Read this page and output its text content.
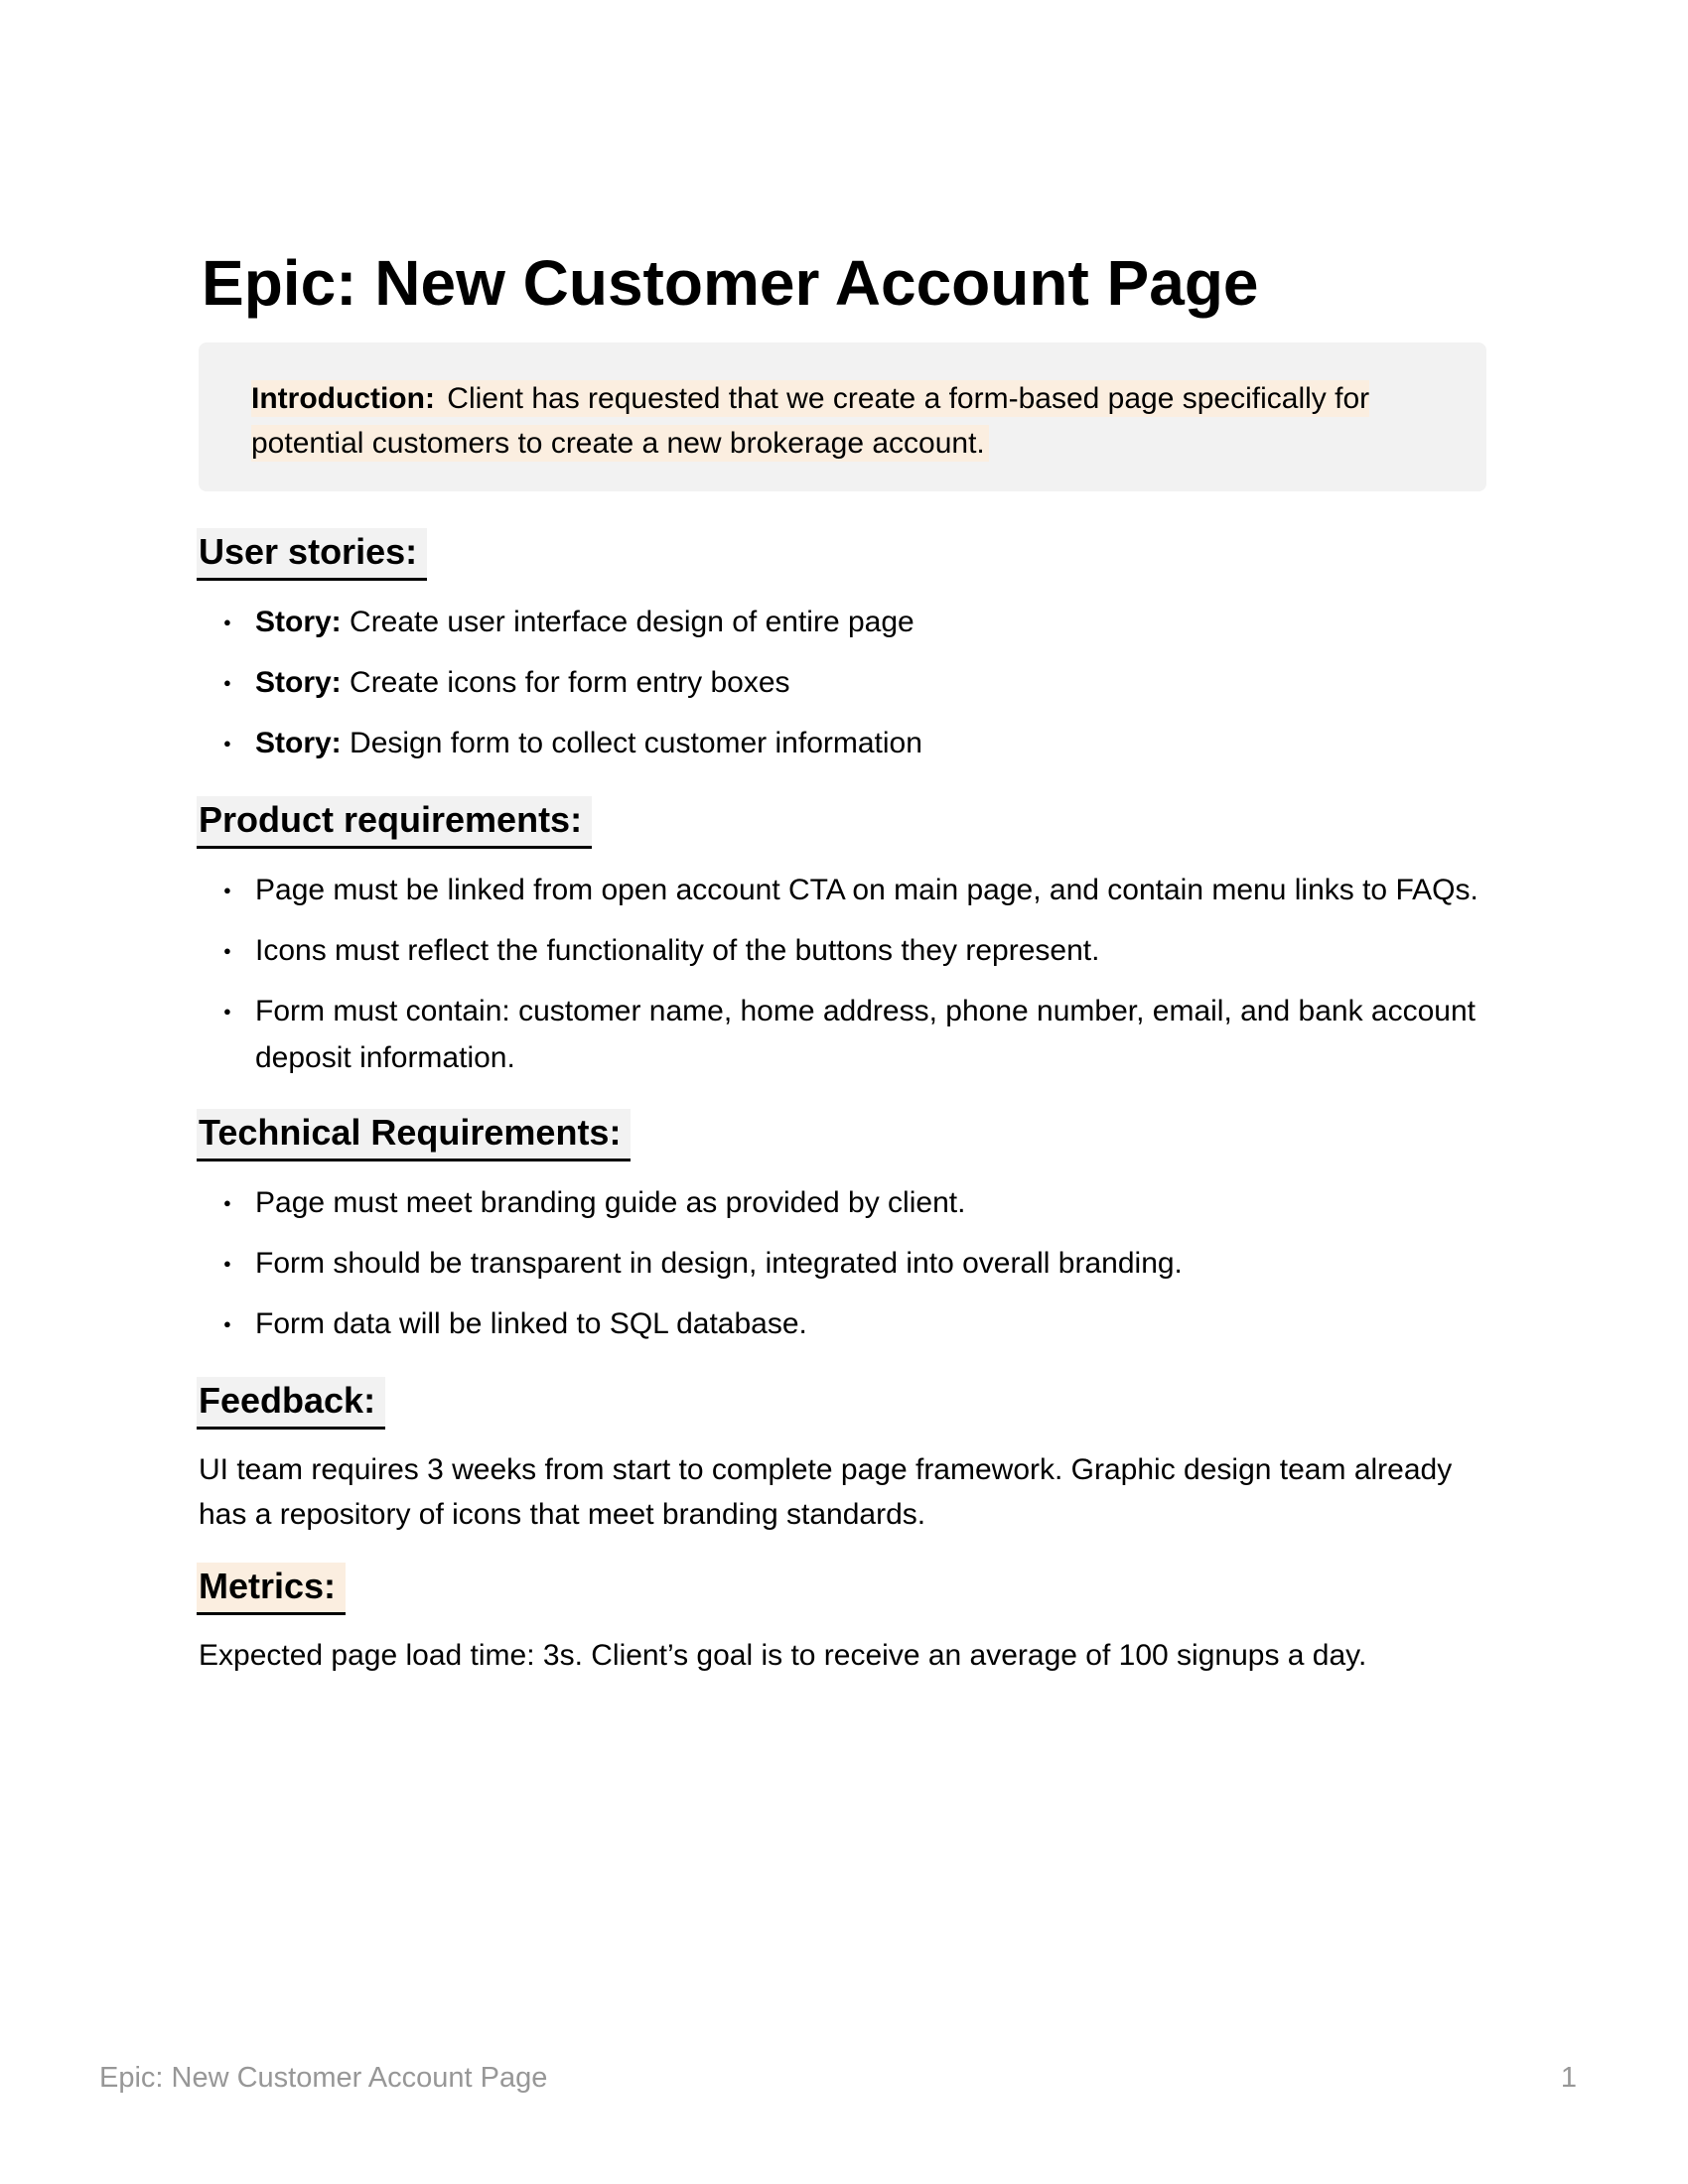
Epic: New Customer Account Page
Introduction: Client has requested that we create a form-based page specifically for potential customers to create a new brokerage account.
User stories:
● Story: Create user interface design of entire page
● Story: Create icons for form entry boxes
● Story: Design form to collect customer information
Product requirements:
● Page must be linked from open account CTA on main page, and contain menu links to FAQs.
● Icons must reflect the functionality of the buttons they represent.
● Form must contain: customer name, home address, phone number, email, and bank account deposit information.
Technical Requirements:
● Page must meet branding guide as provided by client.
● Form should be transparent in design, integrated into overall branding.
● Form data will be linked to SQL database.
Feedback:

UI team requires 3 weeks from start to complete page framework. Graphic design team already has a repository of icons that meet branding standards.

Metrics:

Expected page load time: 3s. Client’s goal is to receive an average of 100 signups a day.

Epic: New Customer Account Page	1
